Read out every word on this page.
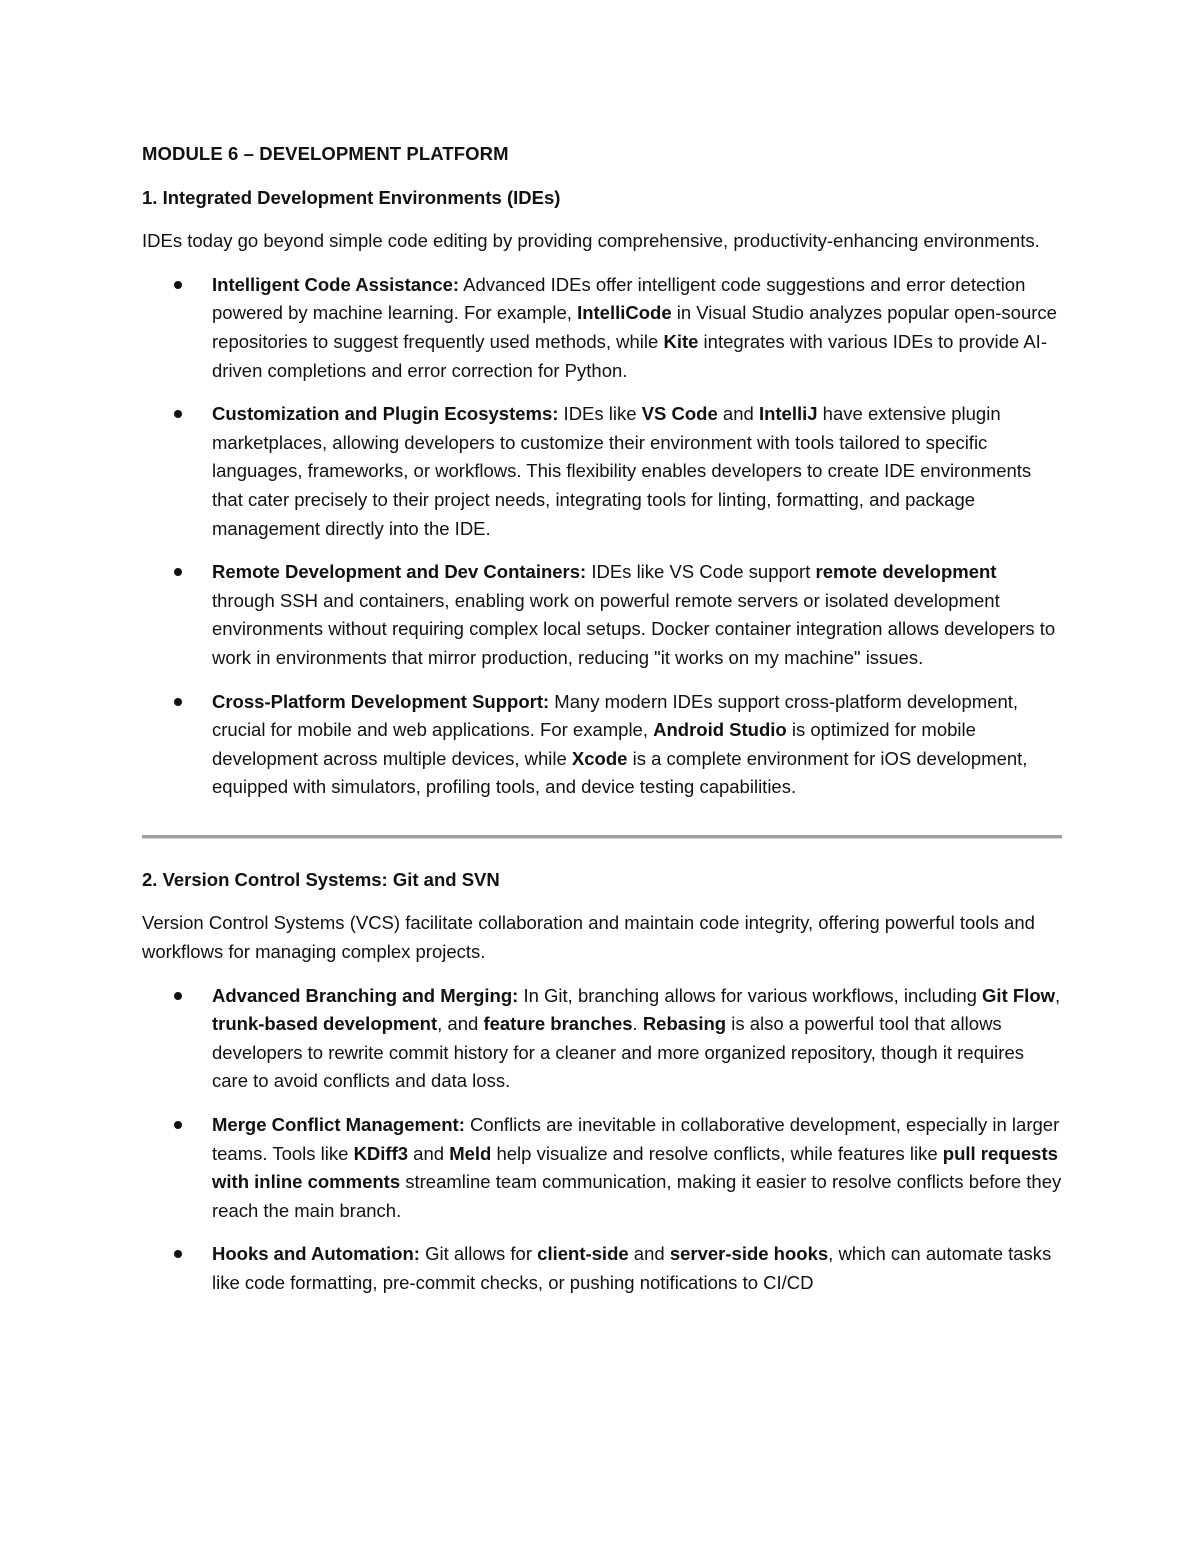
MODULE 6 – DEVELOPMENT PLATFORM

1. Integrated Development Environments (IDEs)

IDEs today go beyond simple code editing by providing comprehensive, productivity-enhancing environments.

Intelligent Code Assistance: Advanced IDEs offer intelligent code suggestions and error detection powered by machine learning. For example, IntelliCode in Visual Studio analyzes popular open-source repositories to suggest frequently used methods, while Kite integrates with various IDEs to provide AI-driven completions and error correction for Python.
Customization and Plugin Ecosystems: IDEs like VS Code and IntelliJ have extensive plugin marketplaces, allowing developers to customize their environment with tools tailored to specific languages, frameworks, or workflows. This flexibility enables developers to create IDE environments that cater precisely to their project needs, integrating tools for linting, formatting, and package management directly into the IDE.
Remote Development and Dev Containers: IDEs like VS Code support remote development through SSH and containers, enabling work on powerful remote servers or isolated development environments without requiring complex local setups. Docker container integration allows developers to work in environments that mirror production, reducing "it works on my machine" issues.
Cross-Platform Development Support: Many modern IDEs support cross-platform development, crucial for mobile and web applications. For example, Android Studio is optimized for mobile development across multiple devices, while Xcode is a complete environment for iOS development, equipped with simulators, profiling tools, and device testing capabilities.

2. Version Control Systems: Git and SVN

Version Control Systems (VCS) facilitate collaboration and maintain code integrity, offering powerful tools and workflows for managing complex projects.

Advanced Branching and Merging: In Git, branching allows for various workflows, including Git Flow, trunk-based development, and feature branches. Rebasing is also a powerful tool that allows developers to rewrite commit history for a cleaner and more organized repository, though it requires care to avoid conflicts and data loss.
Merge Conflict Management: Conflicts are inevitable in collaborative development, especially in larger teams. Tools like KDiff3 and Meld help visualize and resolve conflicts, while features like pull requests with inline comments streamline team communication, making it easier to resolve conflicts before they reach the main branch.
Hooks and Automation: Git allows for client-side and server-side hooks, which can automate tasks like code formatting, pre-commit checks, or pushing notifications to CI/CD
